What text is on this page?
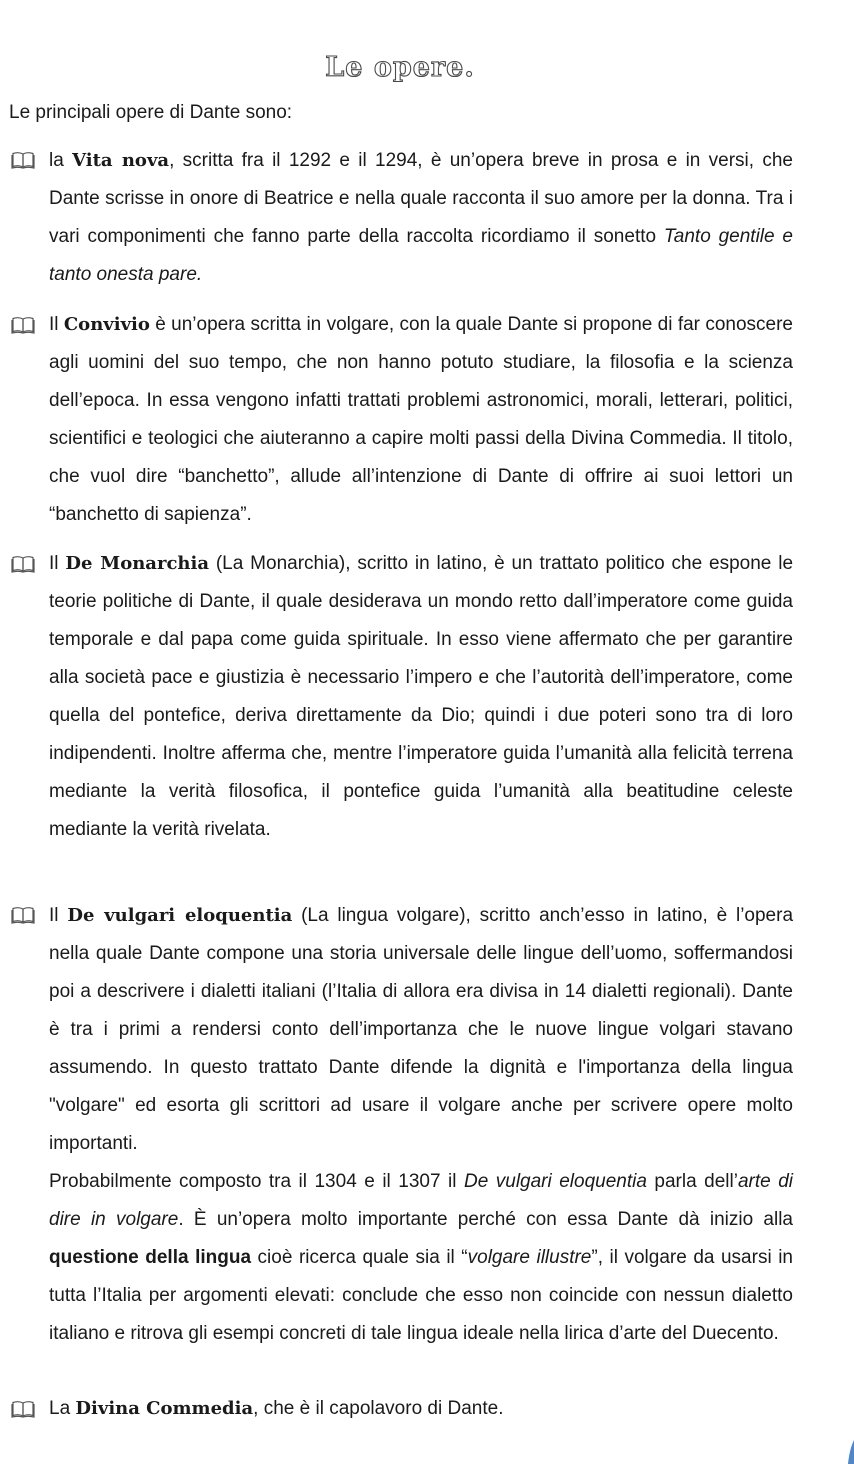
Le opere.
Le principali opere di Dante sono:

la Vita nova, scritta fra il 1292 e il 1294, è un’opera breve in prosa e in versi, che Dante scrisse in onore di Beatrice e nella quale racconta il suo amore per la donna. Tra i vari componimenti che fanno parte della raccolta ricordiamo il sonetto Tanto gentile e tanto onesta pare.

Il Convivio è un’opera scritta in volgare, con la quale Dante si propone di far conoscere agli uomini del suo tempo, che non hanno potuto studiare, la filosofia e la scienza dell’epoca. In essa vengono infatti trattati problemi astronomici, morali, letterari, politici, scientifici e teologici che aiuteranno a capire molti passi della Divina Commedia. Il titolo, che vuol dire “banchetto”, allude all’intenzione di Dante di offrire ai suoi lettori un “banchetto di sapienza”.

Il De Monarchia (La Monarchia), scritto in latino, è un trattato politico che espone le teorie politiche di Dante, il quale desiderava un mondo retto dall’imperatore come guida temporale e dal papa come guida spirituale. In esso viene affermato che per garantire alla società pace e giustizia è necessario l’impero e che l’autorità dell’imperatore, come quella del pontefice, deriva direttamente da Dio; quindi i due poteri sono tra di loro indipendenti. Inoltre afferma che, mentre l’imperatore guida l’umanità alla felicità terrena mediante la verità filosofica, il pontefice guida l’umanità alla beatitudine celeste mediante la verità rivelata.

Il De vulgari eloquentia (La lingua volgare), scritto anch’esso in latino, è l’opera nella quale Dante compone una storia universale delle lingue dell’uomo, soffermandosi poi a descrivere i dialetti italiani (l’Italia di allora era divisa in 14 dialetti regionali). Dante è tra i primi a rendersi conto dell’importanza che le nuove lingue volgari stavano assumendo. In questo trattato Dante difende la dignità e l'importanza della lingua "volgare" ed esorta gli scrittori ad usare il volgare anche per scrivere opere molto importanti.

Probabilmente composto tra il 1304 e il 1307 il De vulgari eloquentia parla dell’arte di dire in volgare. È un’opera molto importante perché con essa Dante dà inizio alla questione della lingua cioè ricerca quale sia il “volgare illustre”, il volgare da usarsi in tutta l’Italia per argomenti elevati: conclude che esso non coincide con nessun dialetto italiano e ritrova gli esempi concreti di tale lingua ideale nella lirica d’arte del Duecento.

La Divina Commedia, che è il capolavoro di Dante.
